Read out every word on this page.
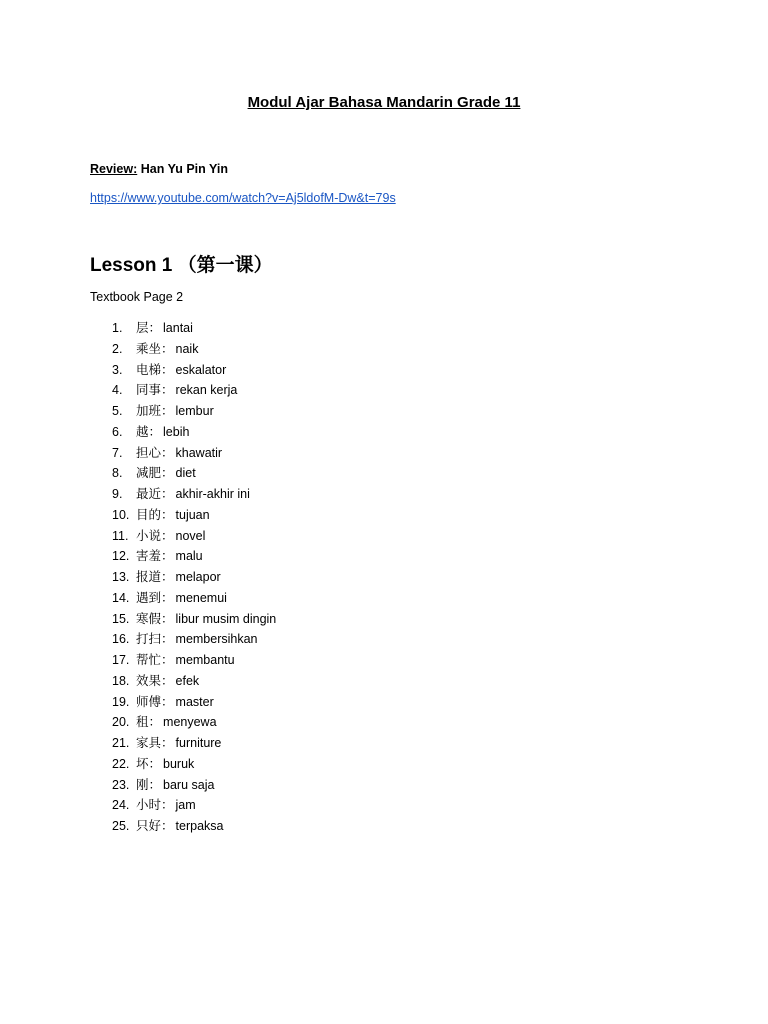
Modul Ajar Bahasa Mandarin Grade 11
Review: Han Yu Pin Yin
https://www.youtube.com/watch?v=Aj5ldofM-Dw&t=79s
Lesson 1 （第一课）
Textbook Page 2
1. 层： lantai
2. 乘坐： naik
3. 电梯： eskalator
4. 同事： rekan kerja
5. 加班： lembur
6. 越： lebih
7. 担心： khawatir
8. 减肥： diet
9. 最近： akhir-akhir ini
10. 目的： tujuan
11. 小说： novel
12. 害羞： malu
13. 报道： melapor
14. 遇到： menemui
15. 寒假： libur musim dingin
16. 打扫： membersihkan
17. 帮忙： membantu
18. 效果： efek
19. 师傅： master
20. 租： menyewa
21. 家具： furniture
22. 坏： buruk
23. 刚： baru saja
24. 小时： jam
25. 只好： terpaksa
